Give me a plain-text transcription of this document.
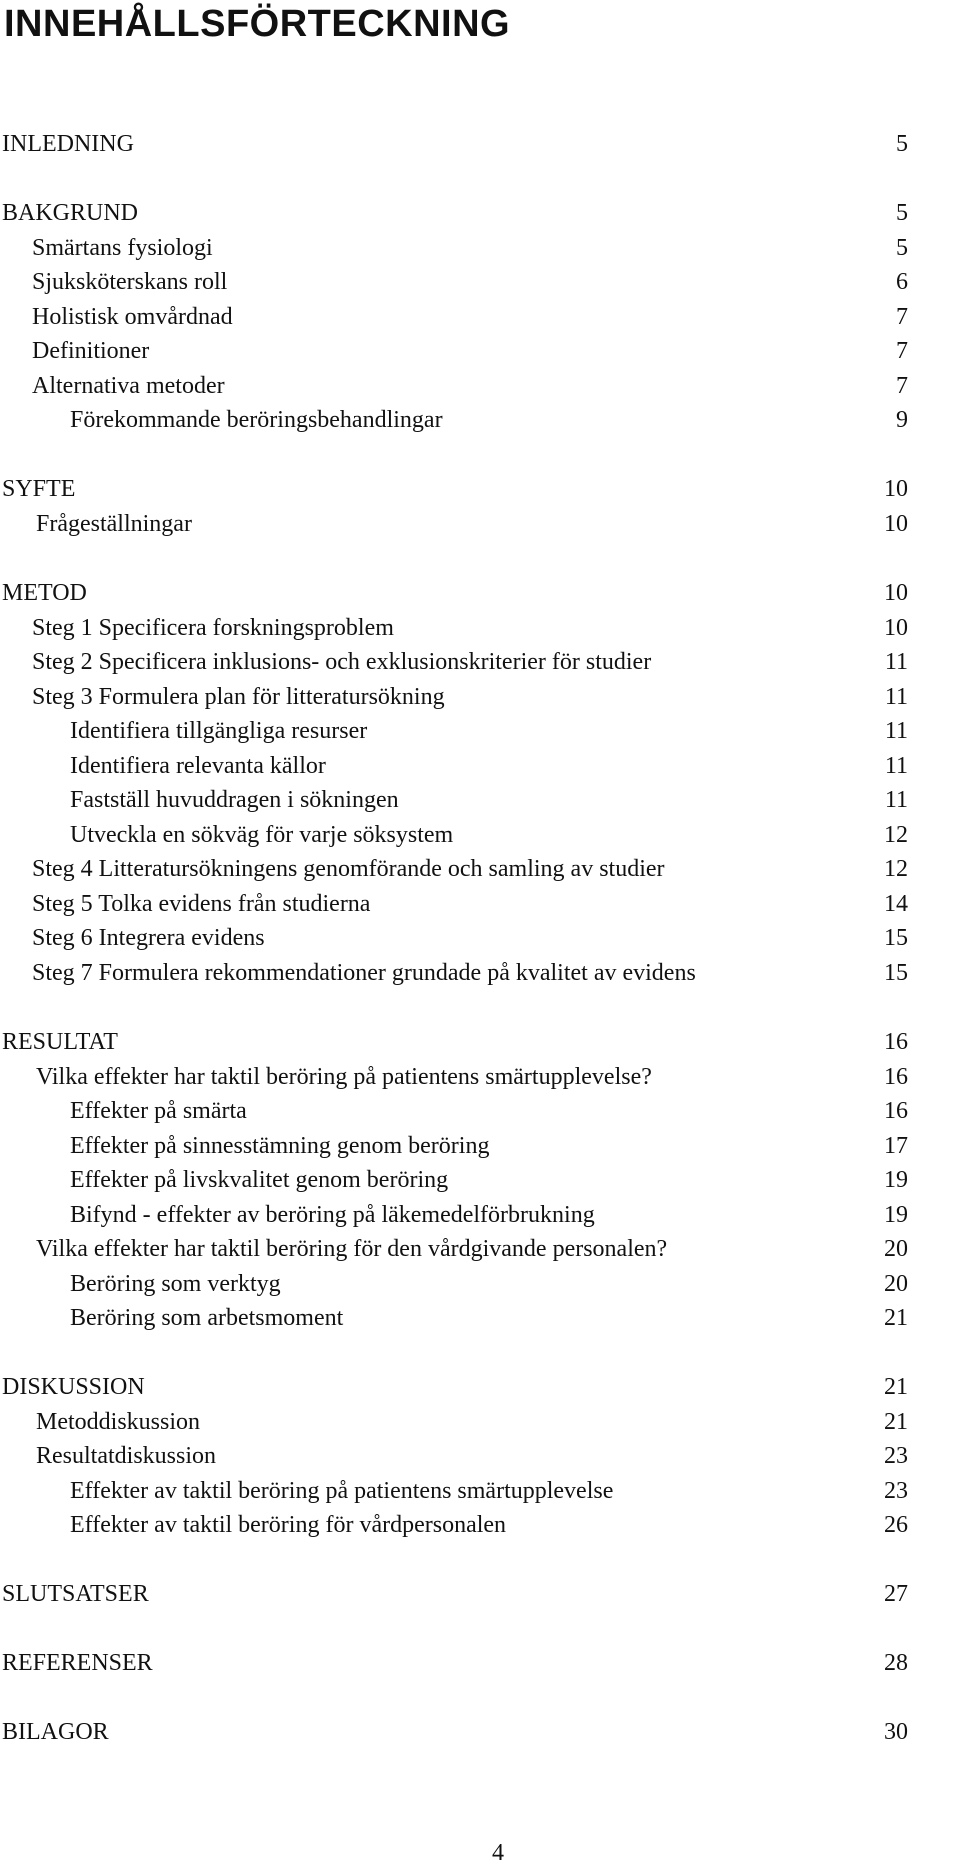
INNEHÅLLSFÖRTECKNING
INLEDNING	5
BAKGRUND	5
Smärtans fysiologi	5
Sjuksköterskans roll	6
Holistisk omvårdnad	7
Definitioner	7
Alternativa metoder	7
Förekommande beröringsbehandlingar	9
SYFTE	10
Frågeställningar	10
METOD	10
Steg 1 Specificera forskningsproblem	10
Steg 2 Specificera inklusions- och exklusionskriterier för studier	11
Steg 3 Formulera plan för litteratursökning	11
Identifiera tillgängliga resurser	11
Identifiera relevanta källor	11
Fastställ huvuddragen i sökningen	11
Utveckla en sökväg för varje söksystem	12
Steg 4 Litteratursökningens genomförande och samling av studier	12
Steg 5 Tolka evidens från studierna	14
Steg 6 Integrera evidens	15
Steg 7 Formulera rekommendationer grundade på kvalitet av evidens	15
RESULTAT	16
Vilka effekter har taktil beröring på patientens smärtupplevelse?	16
Effekter på smärta	16
Effekter på sinnesstämning genom beröring	17
Effekter på livskvalitet genom beröring	19
Bifynd - effekter av beröring på läkemedelförbrukning	19
Vilka effekter har taktil beröring för den vårdgivande personalen?	20
Beröring som verktyg	20
Beröring som arbetsmoment	21
DISKUSSION	21
Metoddiskussion	21
Resultatdiskussion	23
Effekter av taktil beröring på patientens smärtupplevelse	23
Effekter av taktil beröring för vårdpersonalen	26
SLUTSATSER	27
REFERENSER	28
BILAGOR	30
4
